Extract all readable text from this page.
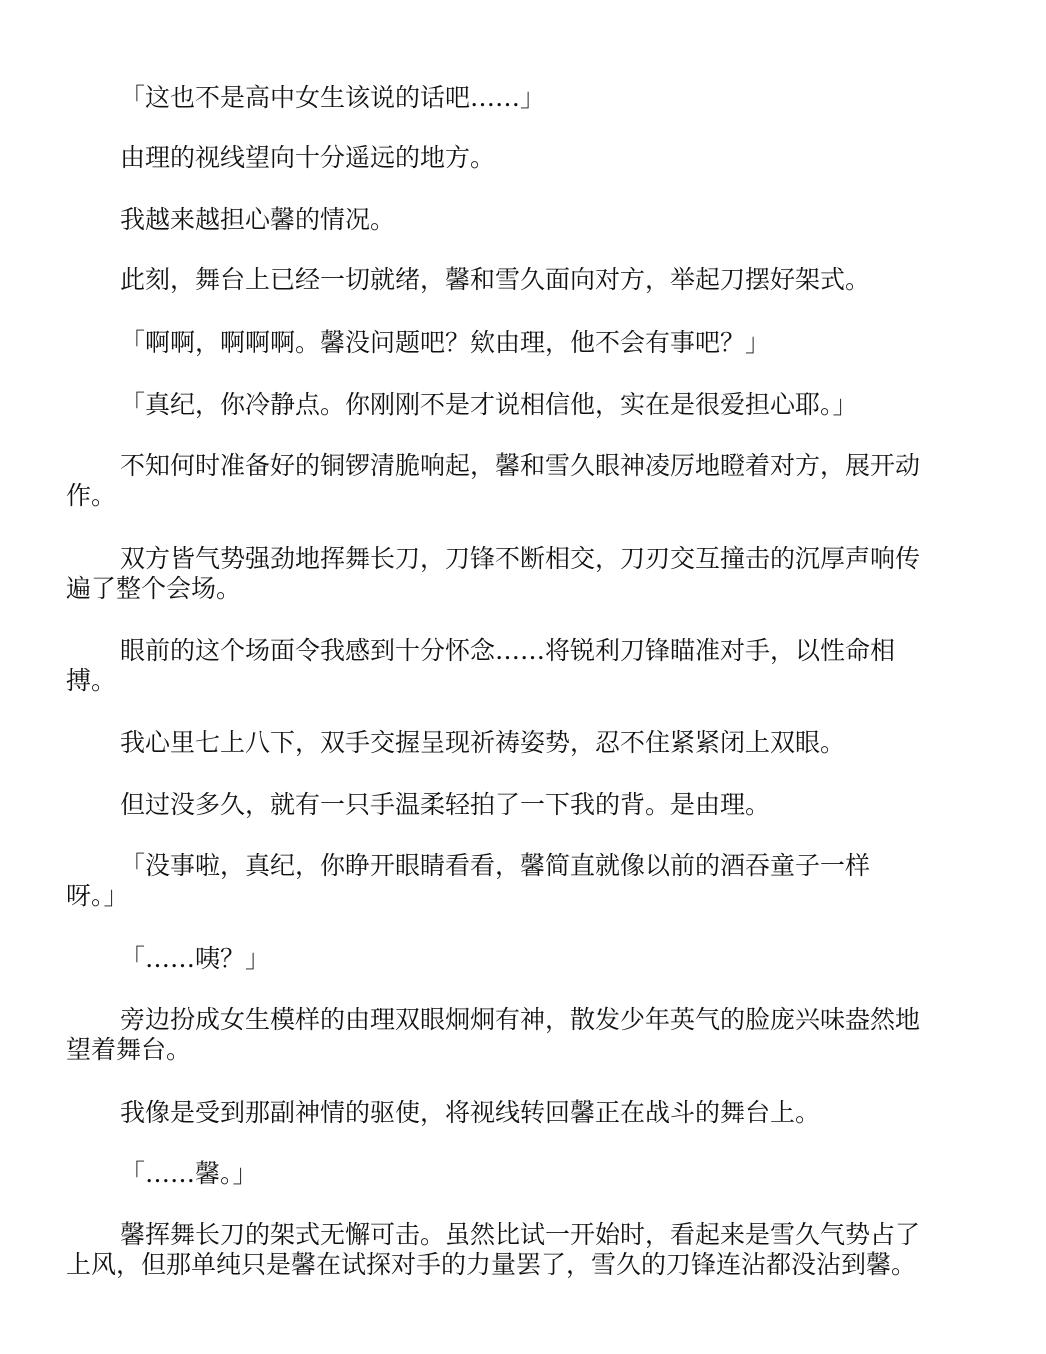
「这也不是高中女生该说的话吧……」
由理的视线望向十分遥远的地方。
我越来越担心馨的情况。
此刻，舞台上已经一切就绪，馨和雪久面向对方，举起刀摆好架式。
「啊啊，啊啊啊。馨没问题吧？欸由理，他不会有事吧？」
「真纪，你冷静点。你刚刚不是才说相信他，实在是很爱担心耶。」
不知何时准备好的铜锣清脆响起，馨和雪久眼神凌厉地瞪着对方，展开动
作。
双方皆气势强劲地挥舞长刀，刀锋不断相交，刀刃交互撞击的沉厚声响传
遍了整个会场。
眼前的这个场面令我感到十分怀念……将锐利刀锋瞄准对手，以性命相
搏。
我心里七上八下，双手交握呈现祈祷姿势，忍不住紧紧闭上双眼。
但过没多久，就有一只手温柔轻拍了一下我的背。是由理。
「没事啦，真纪，你睁开眼睛看看，馨简直就像以前的酒吞童子一样
呀。」
「……咦？」
旁边扮成女生模样的由理双眼炯炯有神，散发少年英气的脸庞兴味盎然地
望着舞台。
我像是受到那副神情的驱使，将视线转回馨正在战斗的舞台上。
「……馨。」
馨挥舞长刀的架式无懈可击。虽然比试一开始时，看起来是雪久气势占了
上风，但那单纯只是馨在试探对手的力量罢了，雪久的刀锋连沾都没沾到馨。
